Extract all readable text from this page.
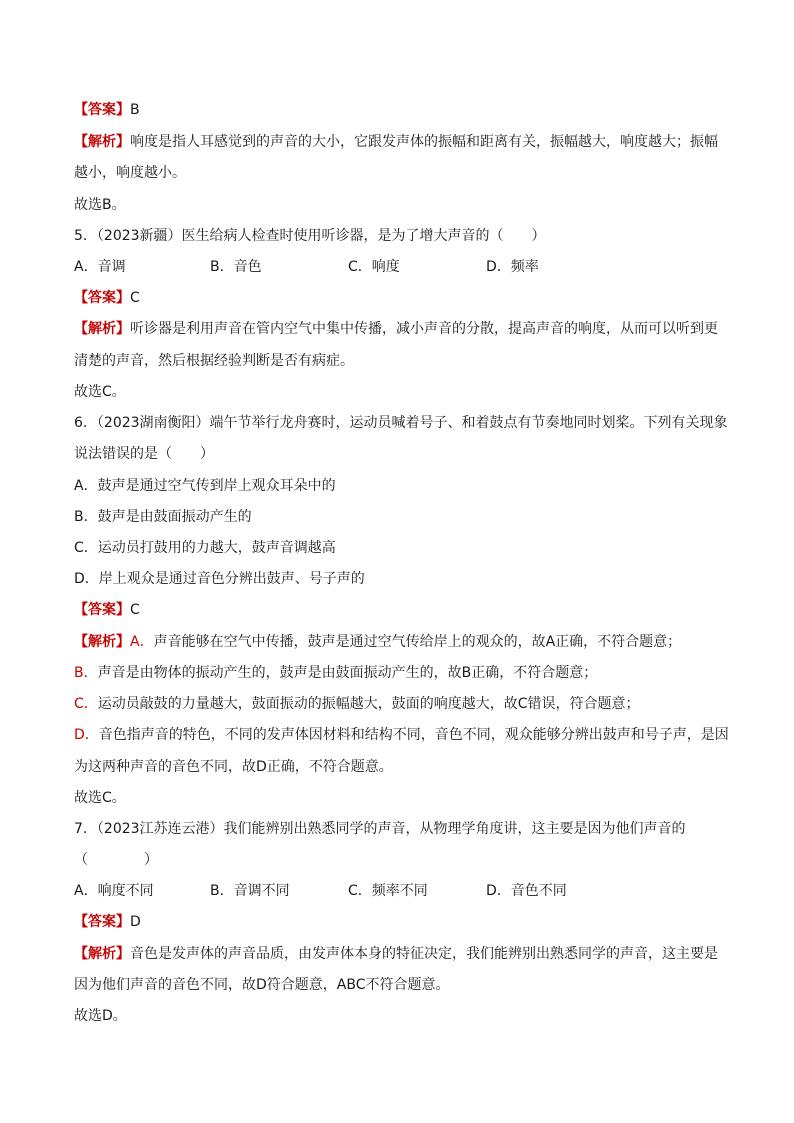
【答案】B
【解析】响度是指人耳感觉到的声音的大小，它跟发声体的振幅和距离有关，振幅越大，响度越大；振幅
越小，响度越小。
故选B。
5．（2023新疆）医生给病人检查时使用听诊器，是为了增大声音的（　　）
A．音调	B．音色	C．响度	D．频率
【答案】C
【解析】听诊器是利用声音在管内空气中集中传播，减小声音的分散，提高声音的响度，从而可以听到更
清楚的声音，然后根据经验判断是否有病症。
故选C。
6．（2023湖南衡阳）端午节举行龙舟赛时，运动员喊着号子、和着鼓点有节奏地同时划桨。下列有关现象
说法错误的是（　　）
A．鼓声是通过空气传到岸上观众耳朵中的
B．鼓声是由鼓面振动产生的
C．运动员打鼓用的力越大，鼓声音调越高
D．岸上观众是通过音色分辨出鼓声、号子声的
【答案】C
【解析】A．声音能够在空气中传播，鼓声是通过空气传给岸上的观众的，故A正确，不符合题意；
B．声音是由物体的振动产生的，鼓声是由鼓面振动产生的，故B正确，不符合题意；
C．运动员敲鼓的力量越大，鼓面振动的振幅越大，鼓面的响度越大，故C错误，符合题意；
D．音色指声音的特色，不同的发声体因材料和结构不同，音色不同，观众能够分辨出鼓声和号子声，是因
为这两种声音的音色不同，故D正确，不符合题意。
故选C。
7．（2023江苏连云港）我们能辨别出熟悉同学的声音，从物理学角度讲，这主要是因为他们声音的
（　　　　）
A．响度不同	B．音调不同	C．频率不同	D．音色不同
【答案】D
【解析】音色是发声体的声音品质，由发声体本身的特征决定，我们能辨别出熟悉同学的声音，这主要是
因为他们声音的音色不同，故D符合题意，ABC不符合题意。
故选D。
